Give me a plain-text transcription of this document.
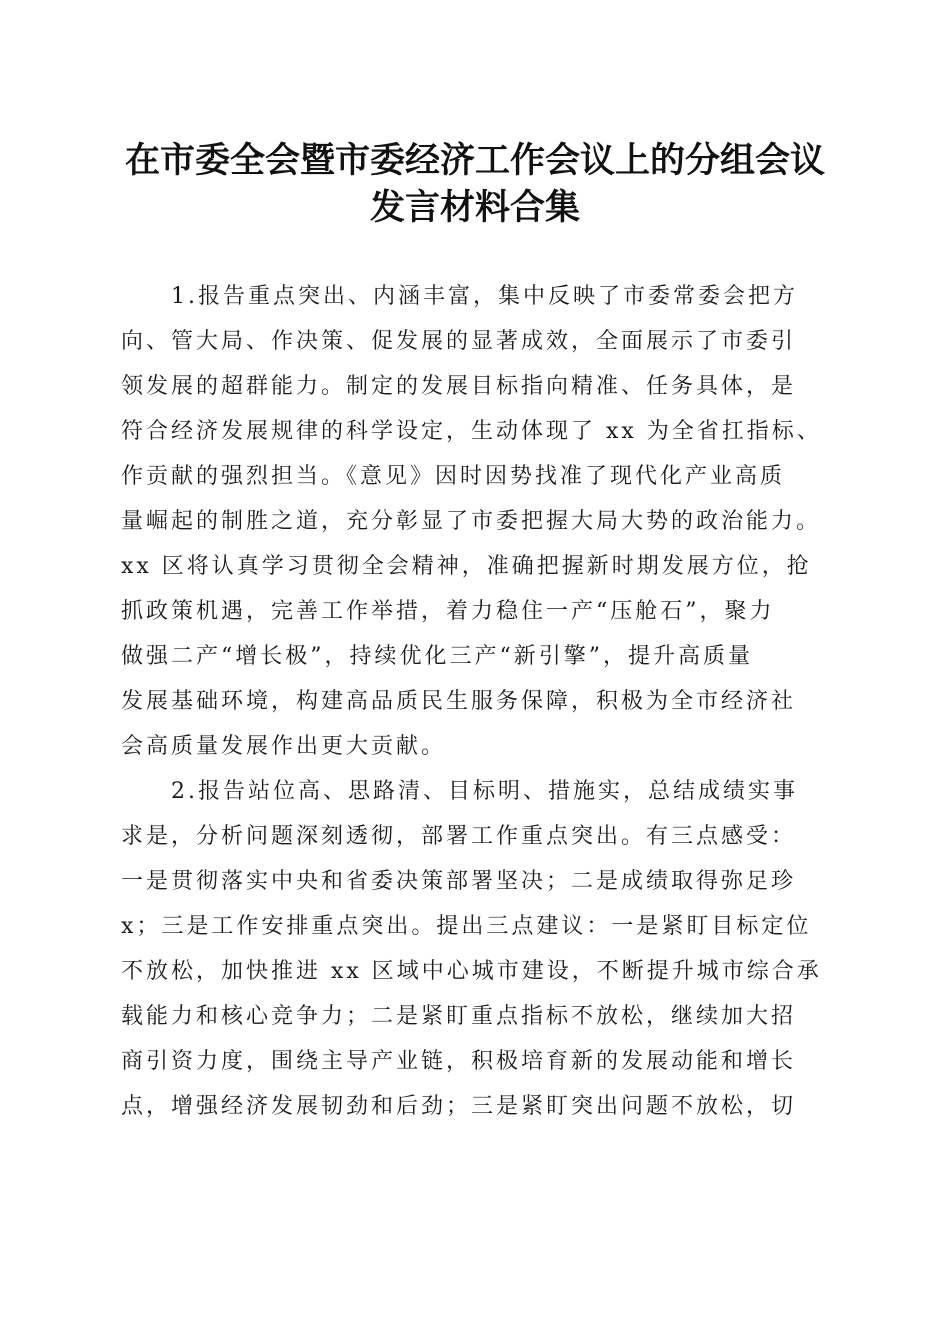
在市委全会暨市委经济工作会议上的分组会议
发言材料合集
1.报告重点突出、内涵丰富，集中反映了市委常委会把方
向、管大局、作决策、促发展的显著成效，全面展示了市委引
领发展的超群能力。制定的发展目标指向精准、任务具体，是
符合经济发展规律的科学设定，生动体现了 xx 为全省扛指标、
作贡献的强烈担当。《意见》因时因势找准了现代化产业高质
量崛起的制胜之道，充分彰显了市委把握大局大势的政治能力。
xx 区将认真学习贯彻全会精神，准确把握新时期发展方位，抢
抓政策机遇，完善工作举措，着力稳住一产“压舱石”，聚力
做强二产“增长极”，持续优化三产“新引擎”，提升高质量
发展基础环境，构建高品质民生服务保障，积极为全市经济社
会高质量发展作出更大贡献。
2.报告站位高、思路清、目标明、措施实，总结成绩实事
求是，分析问题深刻透彻，部署工作重点突出。有三点感受：
一是贯彻落实中央和省委决策部署坚决；二是成绩取得弥足珍
x；三是工作安排重点突出。提出三点建议：一是紧盯目标定位
不放松，加快推进 xx 区域中心城市建设，不断提升城市综合承
载能力和核心竞争力；二是紧盯重点指标不放松，继续加大招
商引资力度，围绕主导产业链，积极培育新的发展动能和增长
点，增强经济发展韧劲和后劲；三是紧盯突出问题不放松，切
